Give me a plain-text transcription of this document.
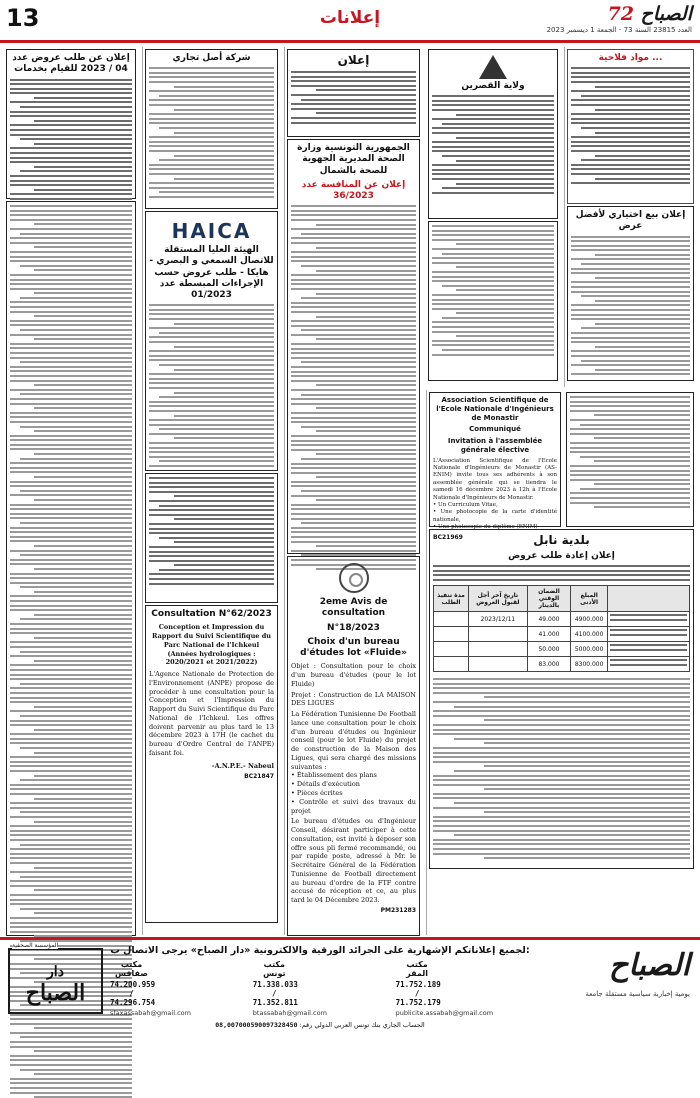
13	إعلانات	72 الصباح
العدد 23815 السنة 73 - الجمعة 1 ديسمبر 2023
إعلان عن طلب عروض عدد 04 / 2023 للقيام بخدمات
شركة أصل تجاري
HAICA
الهيئة العليا المستقلة للاتصال السمعي و البصري - هايكا - طلب عروض حسب الإجراءات المبسطة عدد 01/2023
Consultation N°62/2023
Conception et Impression du Rapport du Suivi Scientifique du Parc National de l'Ichkeul (Années hydrologiques : 2020/2021 et 2021/2022)
L'Agence Nationale de Protection de l'Environnement (ANPE) propose de procéder à une consultation pour la Conception et l'Impression du Rapport du Suivi Scientifique du Parc National de l'Ichkeul. Les offres doivent parvenir au plus tard le 13 décembre 2023 à 17H (le cachet du bureau d'Ordre Central de l'ANPE) faisant foi.
-A.N.P.E.- Nabeul
BC21847
إعلان
الجمهورية التونسية وزارة الصحة المديرية الجهوية للصحة بالشمال
إعلان عن المنافسة عدد 36/2023
2eme Avis de consultation
N°18/2023
Choix d'un bureau d'études lot «Fluide»
Objet : Consultation pour le choix d'un bureau d'études (pour le lot Fluide)
Projet : Construction de LA MAISON DES LIGUES
La Fédération Tunisienne De Football lance une consultation pour le choix d'un bureau d'études ou Ingénieur conseil (pour le lot Fluide) du projet de construction de la Maison des Ligues, qui sera chargé des missions suivantes :
• Établissement des plans
• Détails d'exécution
• Pièces écrites
• Contrôle et suivi des travaux du projet
Le bureau d'études ou d'Ingénieur Conseil, désirant participer à cette consultation, est invité à déposer son offre sous pli fermé recommandé, ou par rapide poste, adressé à Mr. le Secrétaire Général de la Fédération Tunisienne de Football directement au bureau d'ordre de la FTF contre accusé de réception et ce, au plus tard le 04 Décembre 2023.
PM231283
ولاية القصرين
مواد فلاحية ...
إعلان بيع اختياري لأفضل عرض
Association Scientifique de l'Ecole Nationale d'Ingénieurs de Monastir
Communiqué
Invitation à l'assemblée générale élective
L'Association Scientifique de l'Ecole Nationale d'Ingénieurs de Monastir (AS-ENIM) invite tous ses adhérents à son assemblée générale qui se tiendra le samedi 16 décembre 2023 à 12h à l'Ecole Nationale d'Ingénieurs de Monastir.
• Un Curriculum Vitae,
• Une photocopie de la carte d'identité nationale,
• Une photocopie du diplôme (ENIM)
BC21969	بلدية نابل
إعلان إعادة طلب عروض
مدة تنفيذ الطلب	تاريخ آخر أجل لقبول العروض	الضمان الوقتي بالدينار	المبلغ الأدنى	
	2023/12/11	49.000	4900.000	

		41.000	4100.000	

		50.000	5000.000	

		83.000	8300.000	
دار
الصباح
المؤسسة الصحفية	لجميع إعلاناتكم الإشهارية على الجرائد الورقية والالكترونية «دار الصباح» يرجى الاتصال ب:
مكتب صفاقس
74.200.959 / 74.296.754
sfaxassabah@gmail.com
مكتب تونس
71.338.033 / 71.352.811
btassabah@gmail.com
مكتب المقر
71.752.189 / 71.752.179
publicite.assabah@gmail.com
الحساب الجاري بنك تونس العربي الدولي رقم: 08,007000590097328450
الصباح
يومية إخبارية سياسية مستقلة جامعة
